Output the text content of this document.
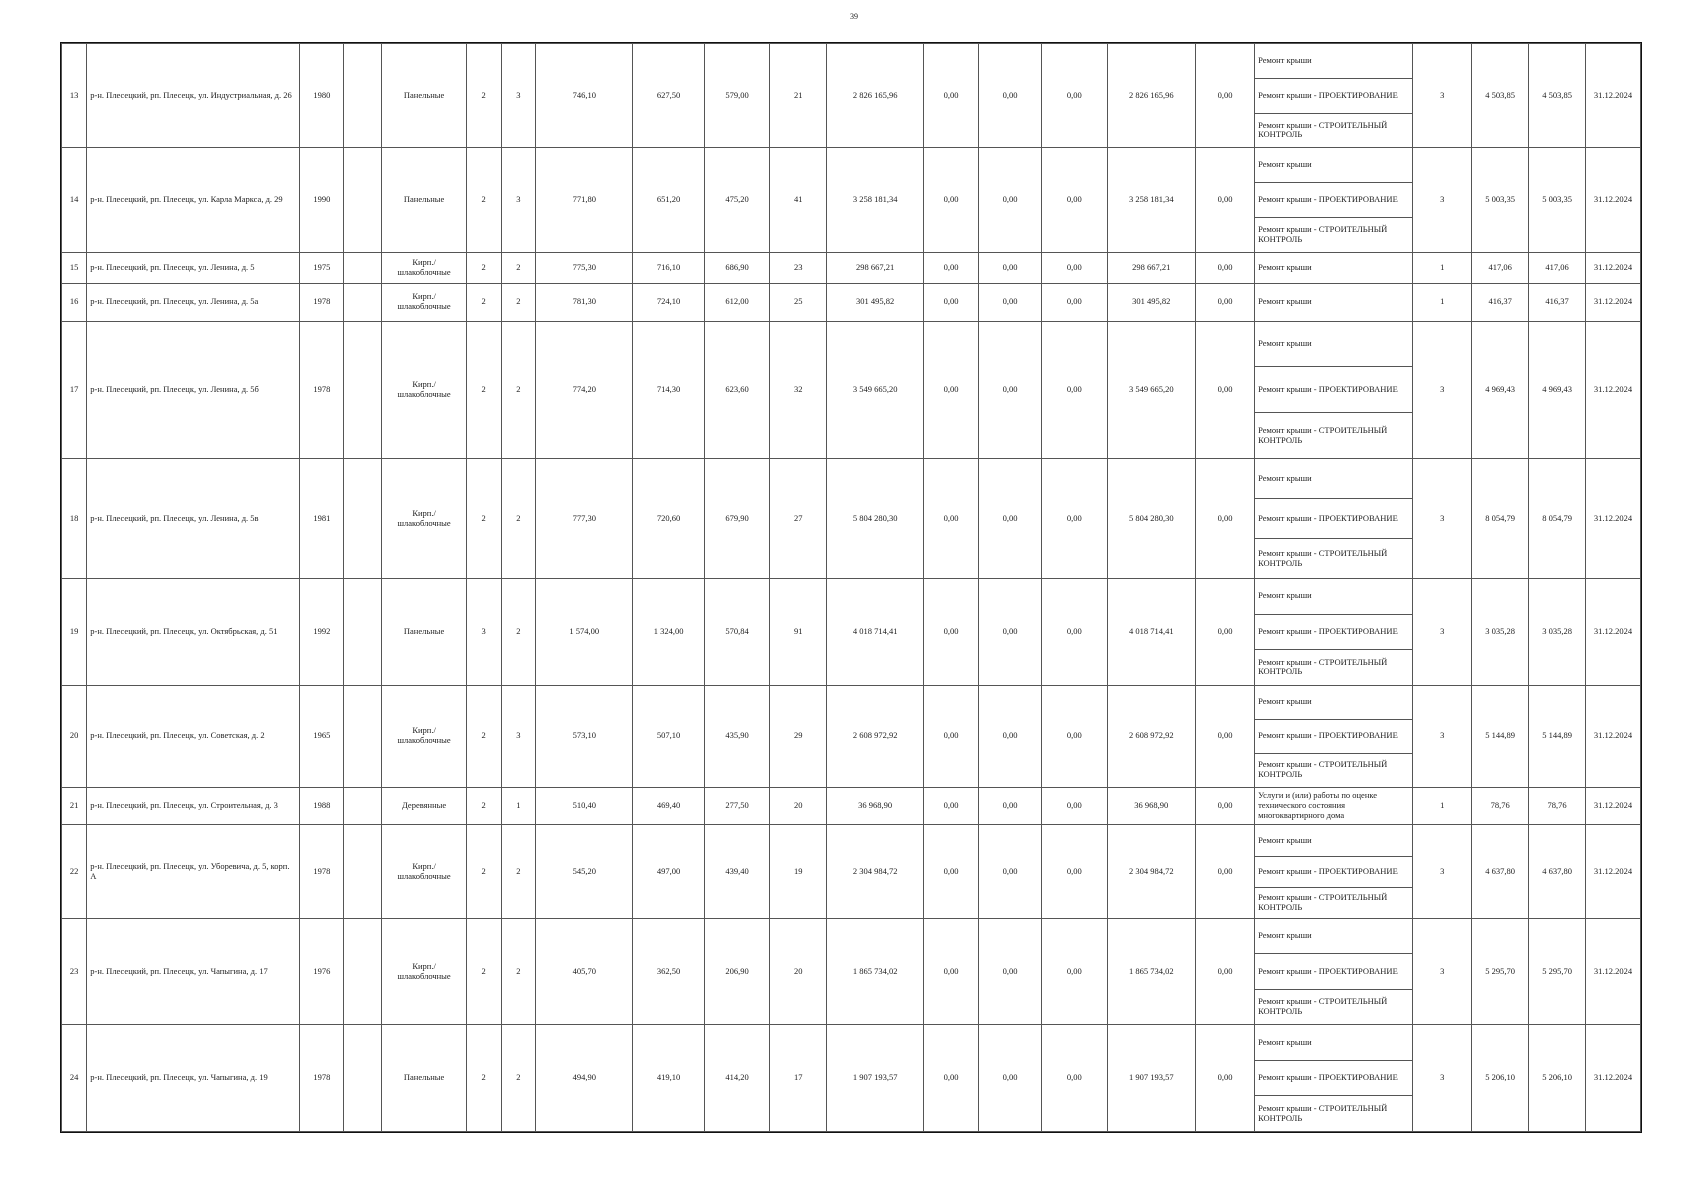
39
13	р-н. Плесецкий, рп. Плесецк, ул. Индустриальная, д. 26	1980		Панельные	2	3	746,10	627,50	579,00	21	2 826 165,96	0,00	0,00	0,00	2 826 165,96	0,00	Ремонт крыши
Ремонт крыши - ПРОЕКТИРОВАНИЕ
Ремонт крыши - СТРОИТЕЛЬНЫЙ КОНТРОЛЬ	3	4 503,85	4 503,85	31.12.2024
14	р-н. Плесецкий, рп. Плесецк, ул. Карла Маркса, д. 29	1990		Панельные	2	3	771,80	651,20	475,20	41	3 258 181,34	0,00	0,00	0,00	3 258 181,34	0,00	Ремонт крыши
Ремонт крыши - ПРОЕКТИРОВАНИЕ
Ремонт крыши - СТРОИТЕЛЬНЫЙ КОНТРОЛЬ	3	5 003,35	5 003,35	31.12.2024
15	р-н. Плесецкий, рп. Плесецк, ул. Ленина, д. 5	1975		Кирп./ шлакоблочные	2	2	775,30	716,10	686,90	23	298 667,21	0,00	0,00	0,00	298 667,21	0,00	Ремонт крыши	1	417,06	417,06	31.12.2024
16	р-н. Плесецкий, рп. Плесецк, ул. Ленина, д. 5а	1978		Кирп./ шлакоблочные	2	2	781,30	724,10	612,00	25	301 495,82	0,00	0,00	0,00	301 495,82	0,00	Ремонт крыши	1	416,37	416,37	31.12.2024
17	р-н. Плесецкий, рп. Плесецк, ул. Ленина, д. 5б	1978		Кирп./ шлакоблочные	2	2	774,20	714,30	623,60	32	3 549 665,20	0,00	0,00	0,00	3 549 665,20	0,00	Ремонт крыши
Ремонт крыши - ПРОЕКТИРОВАНИЕ
Ремонт крыши - СТРОИТЕЛЬНЫЙ КОНТРОЛЬ	3	4 969,43	4 969,43	31.12.2024
18	р-н. Плесецкий, рп. Плесецк, ул. Ленина, д. 5в	1981		Кирп./ шлакоблочные	2	2	777,30	720,60	679,90	27	5 804 280,30	0,00	0,00	0,00	5 804 280,30	0,00	Ремонт крыши
Ремонт крыши - ПРОЕКТИРОВАНИЕ
Ремонт крыши - СТРОИТЕЛЬНЫЙ КОНТРОЛЬ	3	8 054,79	8 054,79	31.12.2024
19	р-н. Плесецкий, рп. Плесецк, ул. Октябрьская, д. 51	1992		Панельные	3	2	1 574,00	1 324,00	570,84	91	4 018 714,41	0,00	0,00	0,00	4 018 714,41	0,00	Ремонт крыши
Ремонт крыши - ПРОЕКТИРОВАНИЕ
Ремонт крыши - СТРОИТЕЛЬНЫЙ КОНТРОЛЬ	3	3 035,28	3 035,28	31.12.2024
20	р-н. Плесецкий, рп. Плесецк, ул. Советская, д. 2	1965		Кирп./ шлакоблочные	2	3	573,10	507,10	435,90	29	2 608 972,92	0,00	0,00	0,00	2 608 972,92	0,00	Ремонт крыши
Ремонт крыши - ПРОЕКТИРОВАНИЕ
Ремонт крыши - СТРОИТЕЛЬНЫЙ КОНТРОЛЬ	3	5 144,89	5 144,89	31.12.2024
21	р-н. Плесецкий, рп. Плесецк, ул. Строительная, д. 3	1988		Деревянные	2	1	510,40	469,40	277,50	20	36 968,90	0,00	0,00	0,00	36 968,90	0,00	Услуги и (или) работы по оценке технического состояния многоквартирного дома	1	78,76	78,76	31.12.2024
22	р-н. Плесецкий, рп. Плесецк, ул. Уборевича, д. 5, корп. А	1978		Кирп./ шлакоблочные	2	2	545,20	497,00	439,40	19	2 304 984,72	0,00	0,00	0,00	2 304 984,72	0,00	Ремонт крыши
Ремонт крыши - ПРОЕКТИРОВАНИЕ
Ремонт крыши - СТРОИТЕЛЬНЫЙ КОНТРОЛЬ	3	4 637,80	4 637,80	31.12.2024
23	р-н. Плесецкий, рп. Плесецк, ул. Чапыгина, д. 17	1976		Кирп./ шлакоблочные	2	2	405,70	362,50	206,90	20	1 865 734,02	0,00	0,00	0,00	1 865 734,02	0,00	Ремонт крыши
Ремонт крыши - ПРОЕКТИРОВАНИЕ
Ремонт крыши - СТРОИТЕЛЬНЫЙ КОНТРОЛЬ	3	5 295,70	5 295,70	31.12.2024
24	р-н. Плесецкий, рп. Плесецк, ул. Чапыгина, д. 19	1978		Панельные	2	2	494,90	419,10	414,20	17	1 907 193,57	0,00	0,00	0,00	1 907 193,57	0,00	Ремонт крыши
Ремонт крыши - ПРОЕКТИРОВАНИЕ
Ремонт крыши - СТРОИТЕЛЬНЫЙ КОНТРОЛЬ	3	5 206,10	5 206,10	31.12.2024
